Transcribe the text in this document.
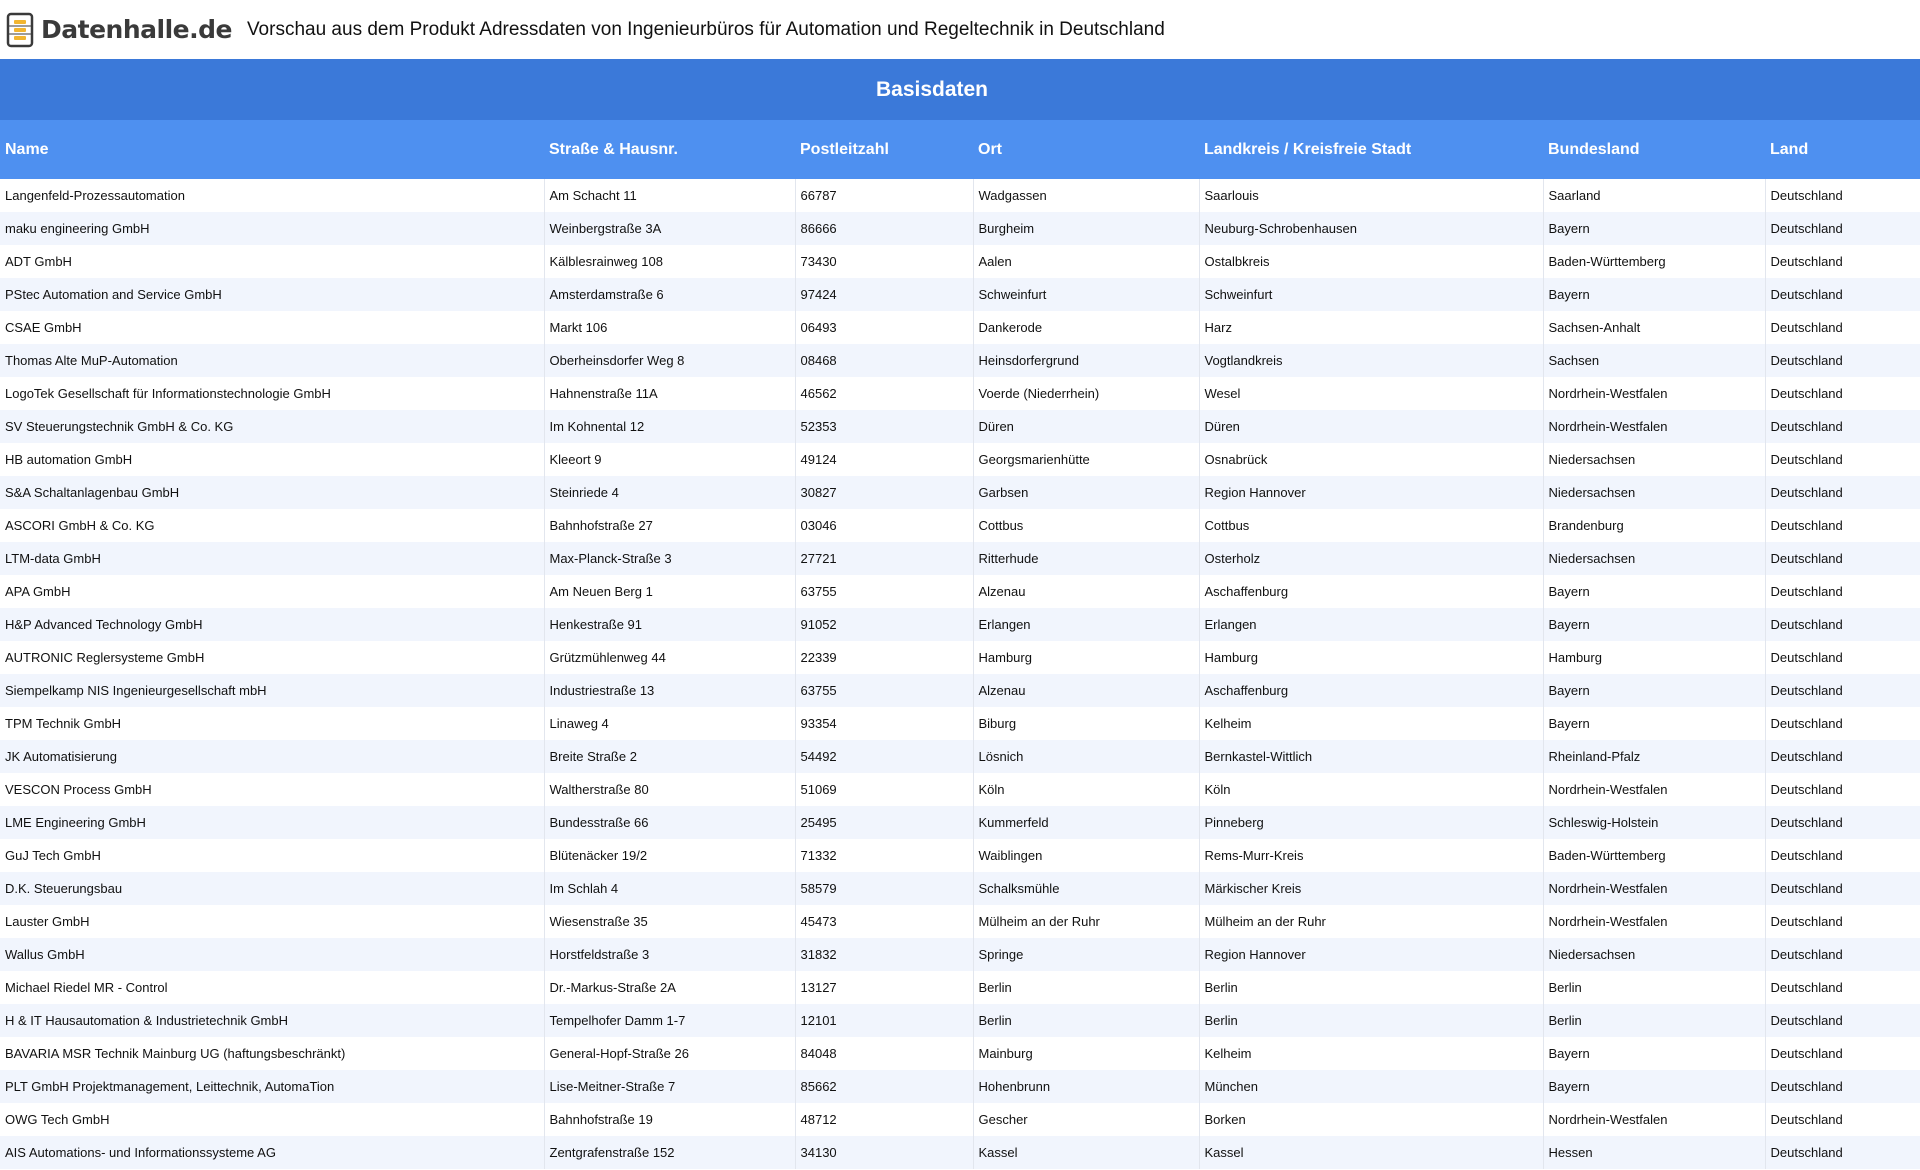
Datenhalle.de Vorschau aus dem Produkt Adressdaten von Ingenieurbüros für Automation und Regeltechnik in Deutschland
Basisdaten
Name	Straße & Hausnr.	Postleitzahl	Ort	Landkreis / Kreisfreie Stadt	Bundesland	Land
Langenfeld-Prozessautomation	Am Schacht 11	66787	Wadgassen	Saarlouis	Saarland	Deutschland
maku engineering GmbH	Weinbergstraße 3A	86666	Burgheim	Neuburg-Schrobenhausen	Bayern	Deutschland
ADT GmbH	Kälblesrainweg 108	73430	Aalen	Ostalbkreis	Baden-Württemberg	Deutschland
PStec Automation and Service GmbH	Amsterdamstraße 6	97424	Schweinfurt	Schweinfurt	Bayern	Deutschland
CSAE GmbH	Markt 106	06493	Dankerode	Harz	Sachsen-Anhalt	Deutschland
Thomas Alte MuP-Automation	Oberheinsdorfer Weg 8	08468	Heinsdorfergrund	Vogtlandkreis	Sachsen	Deutschland
LogoTek Gesellschaft für Informationstechnologie GmbH	Hahnenstraße 11A	46562	Voerde (Niederrhein)	Wesel	Nordrhein-Westfalen	Deutschland
SV Steuerungstechnik GmbH & Co. KG	Im Kohnental 12	52353	Düren	Düren	Nordrhein-Westfalen	Deutschland
HB automation GmbH	Kleeort 9	49124	Georgsmarienhütte	Osnabrück	Niedersachsen	Deutschland
S&A Schaltanlagenbau GmbH	Steinriede 4	30827	Garbsen	Region Hannover	Niedersachsen	Deutschland
ASCORI GmbH & Co. KG	Bahnhofstraße 27	03046	Cottbus	Cottbus	Brandenburg	Deutschland
LTM-data GmbH	Max-Planck-Straße 3	27721	Ritterhude	Osterholz	Niedersachsen	Deutschland
APA GmbH	Am Neuen Berg 1	63755	Alzenau	Aschaffenburg	Bayern	Deutschland
H&P Advanced Technology GmbH	Henkestraße 91	91052	Erlangen	Erlangen	Bayern	Deutschland
AUTRONIC Reglersysteme GmbH	Grützmühlenweg 44	22339	Hamburg	Hamburg	Hamburg	Deutschland
Siempelkamp NIS Ingenieurgesellschaft mbH	Industriestraße 13	63755	Alzenau	Aschaffenburg	Bayern	Deutschland
TPM Technik GmbH	Linaweg 4	93354	Biburg	Kelheim	Bayern	Deutschland
JK Automatisierung	Breite Straße 2	54492	Lösnich	Bernkastel-Wittlich	Rheinland-Pfalz	Deutschland
VESCON Process GmbH	Waltherstraße 80	51069	Köln	Köln	Nordrhein-Westfalen	Deutschland
LME Engineering GmbH	Bundesstraße 66	25495	Kummerfeld	Pinneberg	Schleswig-Holstein	Deutschland
GuJ Tech GmbH	Blütenäcker 19/2	71332	Waiblingen	Rems-Murr-Kreis	Baden-Württemberg	Deutschland
D.K. Steuerungsbau	Im Schlah 4	58579	Schalksmühle	Märkischer Kreis	Nordrhein-Westfalen	Deutschland
Lauster GmbH	Wiesenstraße 35	45473	Mülheim an der Ruhr	Mülheim an der Ruhr	Nordrhein-Westfalen	Deutschland
Wallus GmbH	Horstfeldstraße 3	31832	Springe	Region Hannover	Niedersachsen	Deutschland
Michael Riedel MR - Control	Dr.-Markus-Straße 2A	13127	Berlin	Berlin	Berlin	Deutschland
H & IT Hausautomation & Industrietechnik GmbH	Tempelhofer Damm 1-7	12101	Berlin	Berlin	Berlin	Deutschland
BAVARIA MSR Technik Mainburg UG (haftungsbeschränkt)	General-Hopf-Straße 26	84048	Mainburg	Kelheim	Bayern	Deutschland
PLT GmbH Projektmanagement, Leittechnik, AutomaTion	Lise-Meitner-Straße 7	85662	Hohenbrunn	München	Bayern	Deutschland
OWG Tech GmbH	Bahnhofstraße 19	48712	Gescher	Borken	Nordrhein-Westfalen	Deutschland
AIS Automations- und Informationssysteme AG	Zentgrafenstraße 152	34130	Kassel	Kassel	Hessen	Deutschland
